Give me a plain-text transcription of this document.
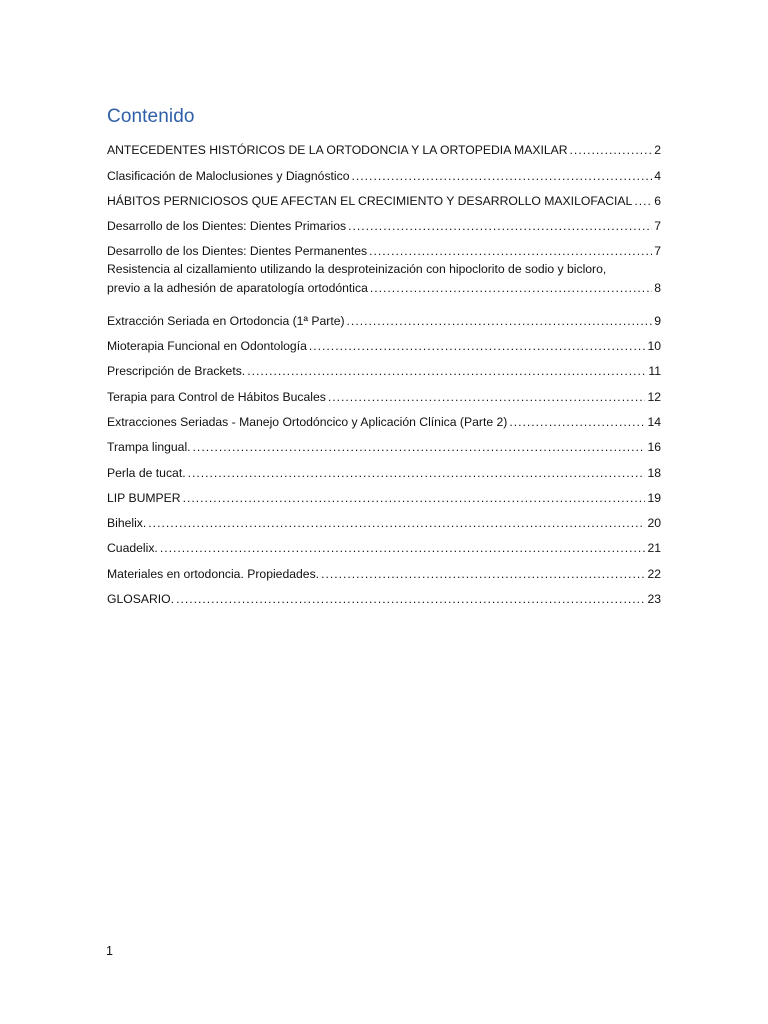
Contenido
ANTECEDENTES HISTÓRICOS DE LA ORTODONCIA Y LA ORTOPEDIA MAXILAR .....	2
Clasificación de Maloclusiones y Diagnóstico .....	4
HÁBITOS PERNICIOSOS QUE AFECTAN EL CRECIMIENTO Y DESARROLLO MAXILOFACIAL ..... 6
Desarrollo de los Dientes: Dientes Primarios .....	7
Desarrollo de los Dientes: Dientes Permanentes .....	7
Resistencia al cizallamiento utilizando la desproteinización con hipoclorito de sodio y bicloro,
previo a la adhesión de aparatología ortodóntica .....	8
Extracción Seriada en Ortodoncia (1ª Parte) .....	9
Mioterapia Funcional en Odontología .....	10
Prescripción de Brackets. .....	11
Terapia para Control de Hábitos Bucales .....	12
Extracciones Seriadas - Manejo Ortodóncico y Aplicación Clínica (Parte 2) .....	14
Trampa lingual. .....	16
Perla de tucat. .....	18
LIP BUMPER .....	19
Bihelix. .....	20
Cuadelix. .....	21
Materiales en ortodoncia. Propiedades. .....	22
GLOSARIO. .....	23
1
